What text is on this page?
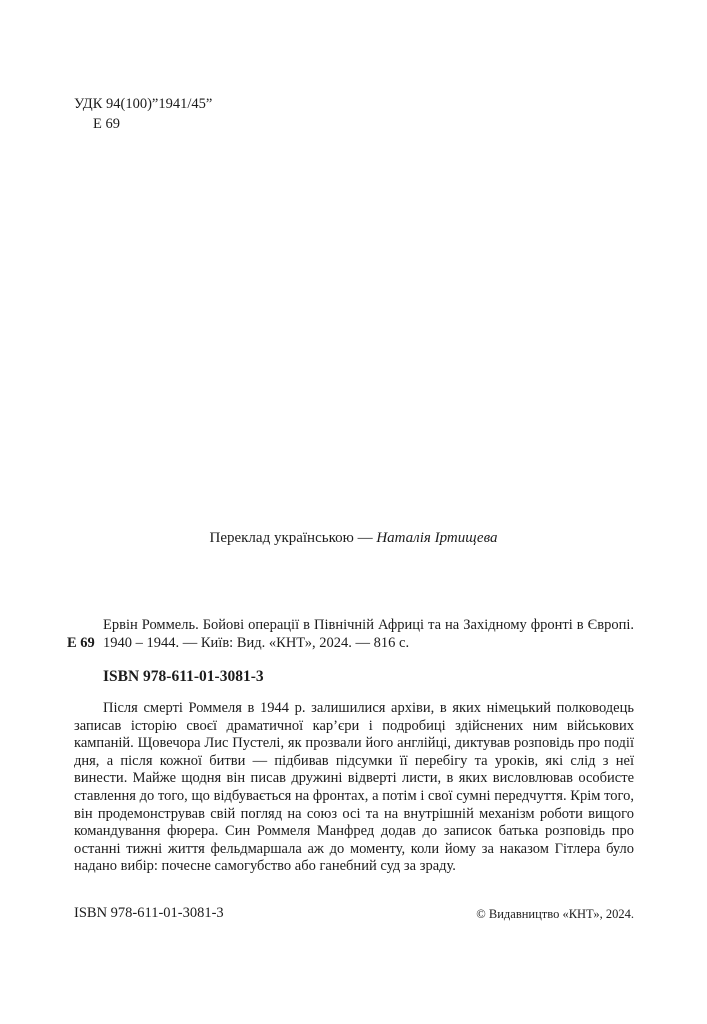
УДК 94(100)”1941/45”
Е 69
Переклад українською — Наталія Іртищева
Ервін Роммель. Бойові операції в Північній Африці та на Західному фронті в Європі. 1940 – 1944. — Київ: Вид. «КНТ», 2024. — 816 с.
Е 69
ISBN 978-611-01-3081-3

Після смерті Роммеля в 1944 р. залишилися архіви, в яких німецький полководець записав історію своєї драматичної кар’єри і подробиці здійснених ним військових кампаній. Щовечора Лис Пустелі, як прозвали його англійці, диктував розповідь про події дня, а після кожної битви — підбивав підсумки її перебігу та уроків, які слід з неї винести. Майже щодня він писав дружині відверті листи, в яких висловлював особисте ставлення до того, що відбувається на фронтах, а потім і свої сумні передчуття. Крім того, він продемонстрував свій погляд на союз осі та на внутрішній механізм роботи вищого командування фюрера. Син Роммеля Манфред додав до записок батька розповідь про останні тижні життя фельдмаршала аж до моменту, коли йому за наказом Гітлера було надано вибір: почесне самогубство або ганебний суд за зраду.

ISBN 978-611-01-3081-3	© Видавництво «КНТ», 2024.
